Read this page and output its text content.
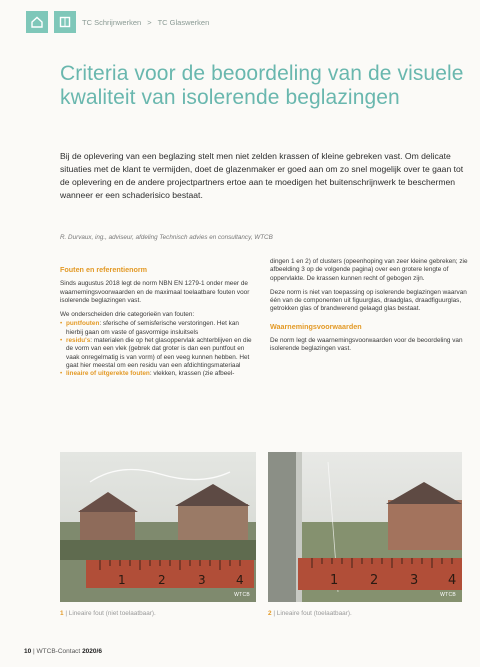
TC Schrijnwerken > TC Glaswerken
Criteria voor de beoordeling van de visuele kwaliteit van isolerende beglazingen
Bij de oplevering van een beglazing stelt men niet zelden krassen of kleine gebreken vast. Om delicate situaties met de klant te vermijden, doet de glazenmaker er goed aan om zo snel mogelijk over te gaan tot de oplevering en de andere projectpartners ertoe aan te moedigen het buitenschrijnwerk te beschermen wanneer er een schaderisico bestaat.
R. Durvaux, ing., adviseur, afdeling Technisch advies en consultancy, WTCB
Fouten en referentienorm

Sinds augustus 2018 legt de norm NBN EN 1279-1 onder meer de waarnemingsvoorwaarden en de maximaal toelaatbare fouten voor isolerende beglazingen vast.

We onderscheiden drie categorieën van fouten:

• puntfouten: sferische of semisferische verstoringen. Het kan hierbij gaan om vaste of gasvormige insluitsels
• residu's: materialen die op het glasoppervlak achterblijven en die de vorm van een vlek (gebrek dat groter is dan een puntfout en vaak onregelmatig is van vorm) of een veeg kunnen hebben. Het gaat hier meestal om een residu van een afdichtingsmateriaal
• lineaire of uitgerekte fouten: vlekken, krassen (zie afbeel-

dingen 1 en 2) of clusters (opeenhoping van zeer kleine gebreken; zie afbeelding 3 op de volgende pagina) over een grotere lengte of oppervlakte. De krassen kunnen recht of gebogen zijn.

Deze norm is niet van toepassing op isolerende beglazingen waarvan één van de componenten uit figuurglas, draadglas, draadfiguurglas, getrokken glas of brandwerend gelaagd glas bestaat.

Waarnemingsvoorwaarden

De norm legt de waarnemingsvoorwaarden voor de beoordeling van isolerende beglazingen vast.

1	2	3	4
WTCB
1 | Lineaire fout (niet toelaatbaar).
1 2 3 4
WTCB
2 | Lineaire fout (toelaatbaar).
10 | WTCB-Contact 2020/6
